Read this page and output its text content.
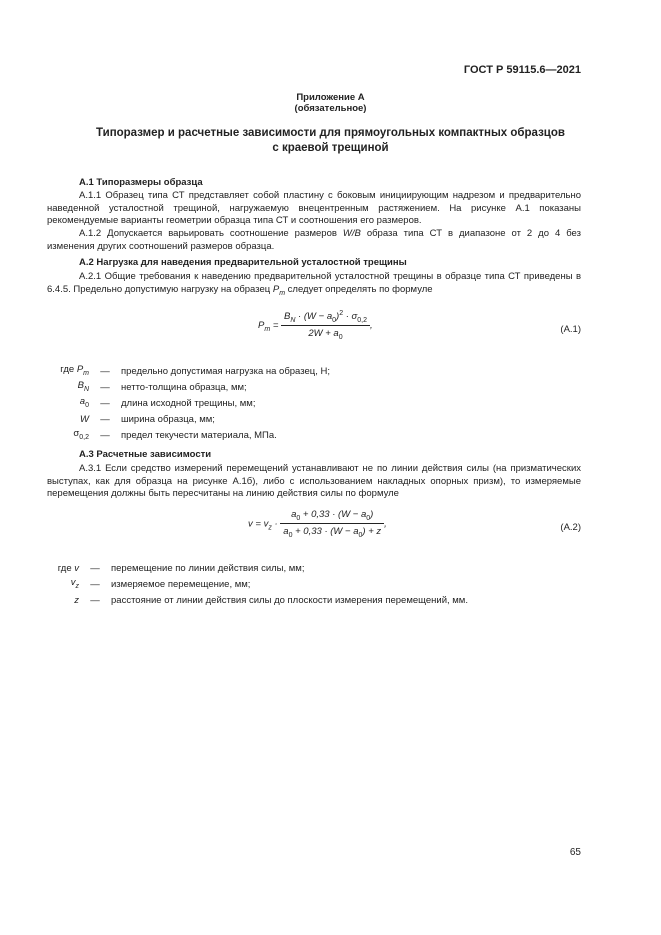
ГОСТ Р 59115.6—2021
Приложение А
(обязательное)
Типоразмер и расчетные зависимости для прямоугольных компактных образцов
с краевой трещиной
А.1 Типоразмеры образца
А.1.1 Образец типа СТ представляет собой пластину с боковым инициирующим надрезом и предварительно наведенной усталостной трещиной, нагружаемую внецентренным растяжением. На рисунке А.1 показаны рекомендуемые варианты геометрии образца типа СТ и соотношения его размеров.
А.1.2 Допускается варьировать соотношение размеров W/B образа типа СТ в диапазоне от 2 до 4 без изменения других соотношений размеров образца.
А.2 Нагрузка для наведения предварительной усталостной трещины
А.2.1 Общие требования к наведению предварительной усталостной трещины в образце типа СТ приведены в 6.4.5. Предельно допустимую нагрузку на образец $P_m$ следует определять по формуле
$P_m = \frac{B_N \cdot (W - a_0)^2 \cdot \sigma_{0,2}}{2W + a_0}$ ,	(А.1)
где $P_m$	—	предельно допустимая нагрузка на образец, Н;
$B_N$	—	нетто-толщина образца, мм;
$a_0$	—	длина исходной трещины, мм;
W	—	ширина образца, мм;
$\sigma_{0,2}$	—	предел текучести материала, МПа.
А.3 Расчетные зависимости
А.3.1 Если средство измерений перемещений устанавливают не по линии действия силы (на призматических выступах, как для образца на рисунке А.1б), либо с использованием накладных опорных призм), то измеряемые перемещения должны быть пересчитаны на линию действия силы по формуле
$v = v_z \cdot \frac{a_0 + 0,33 \cdot (W - a_0)}{a_0 + 0,33 \cdot (W - a_0) + z}$ ,	(А.2)
где v	—	перемещение по линии действия силы, мм;
$v_z$	—	измеряемое перемещение, мм;
z	—	расстояние от линии действия силы до плоскости измерения перемещений, мм.
65
